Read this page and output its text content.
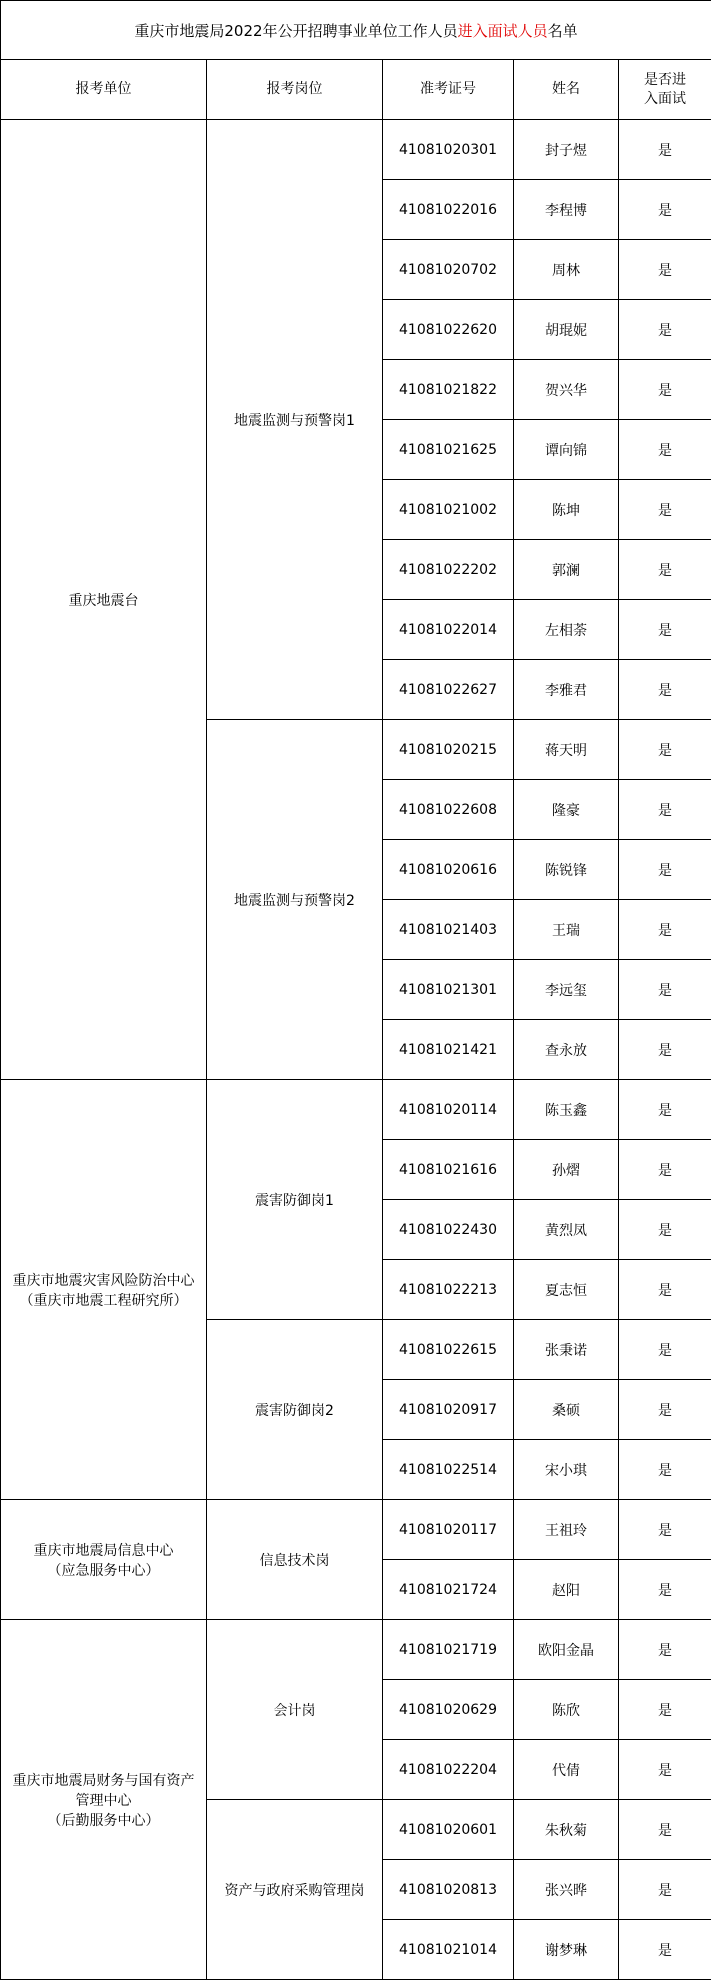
重庆市地震局2022年公开招聘事业单位工作人员进入面试人员名单				
报考单位	报考岗位	准考证号	姓名	是否进
入面试
重庆地震台	地震监测与预警岗1	41081020301	封子煜	是
		41081022016	李程博	是
		41081020702	周林	是
		41081022620	胡琨妮	是
		41081021822	贺兴华	是
		41081021625	谭向锦	是
		41081021002	陈坤	是
		41081022202	郭澜	是
		41081022014	左相荼	是
		41081022627	李雅君	是
	地震监测与预警岗2	41081020215	蒋天明	是
		41081022608	隆豪	是
		41081020616	陈锐锋	是
		41081021403	王瑞	是
		41081021301	李远玺	是
		41081021421	查永放	是
重庆市地震灾害风险防治中心
（重庆市地震工程研究所）	震害防御岗1	41081020114	陈玉鑫	是
		41081021616	孙熠	是
		41081022430	黄烈凤	是
		41081022213	夏志恒	是
	震害防御岗2	41081022615	张秉诺	是
		41081020917	桑硕	是
		41081022514	宋小琪	是
重庆市地震局信息中心
（应急服务中心）	信息技术岗	41081020117	王祖玲	是
		41081021724	赵阳	是
重庆市地震局财务与国有资产
管理中心
（后勤服务中心）	会计岗	41081021719	欧阳金晶	是
		41081020629	陈欣	是
		41081022204	代倩	是
	资产与政府采购管理岗	41081020601	朱秋菊	是
		41081020813	张兴晔	是
		41081021014	谢梦琳	是
